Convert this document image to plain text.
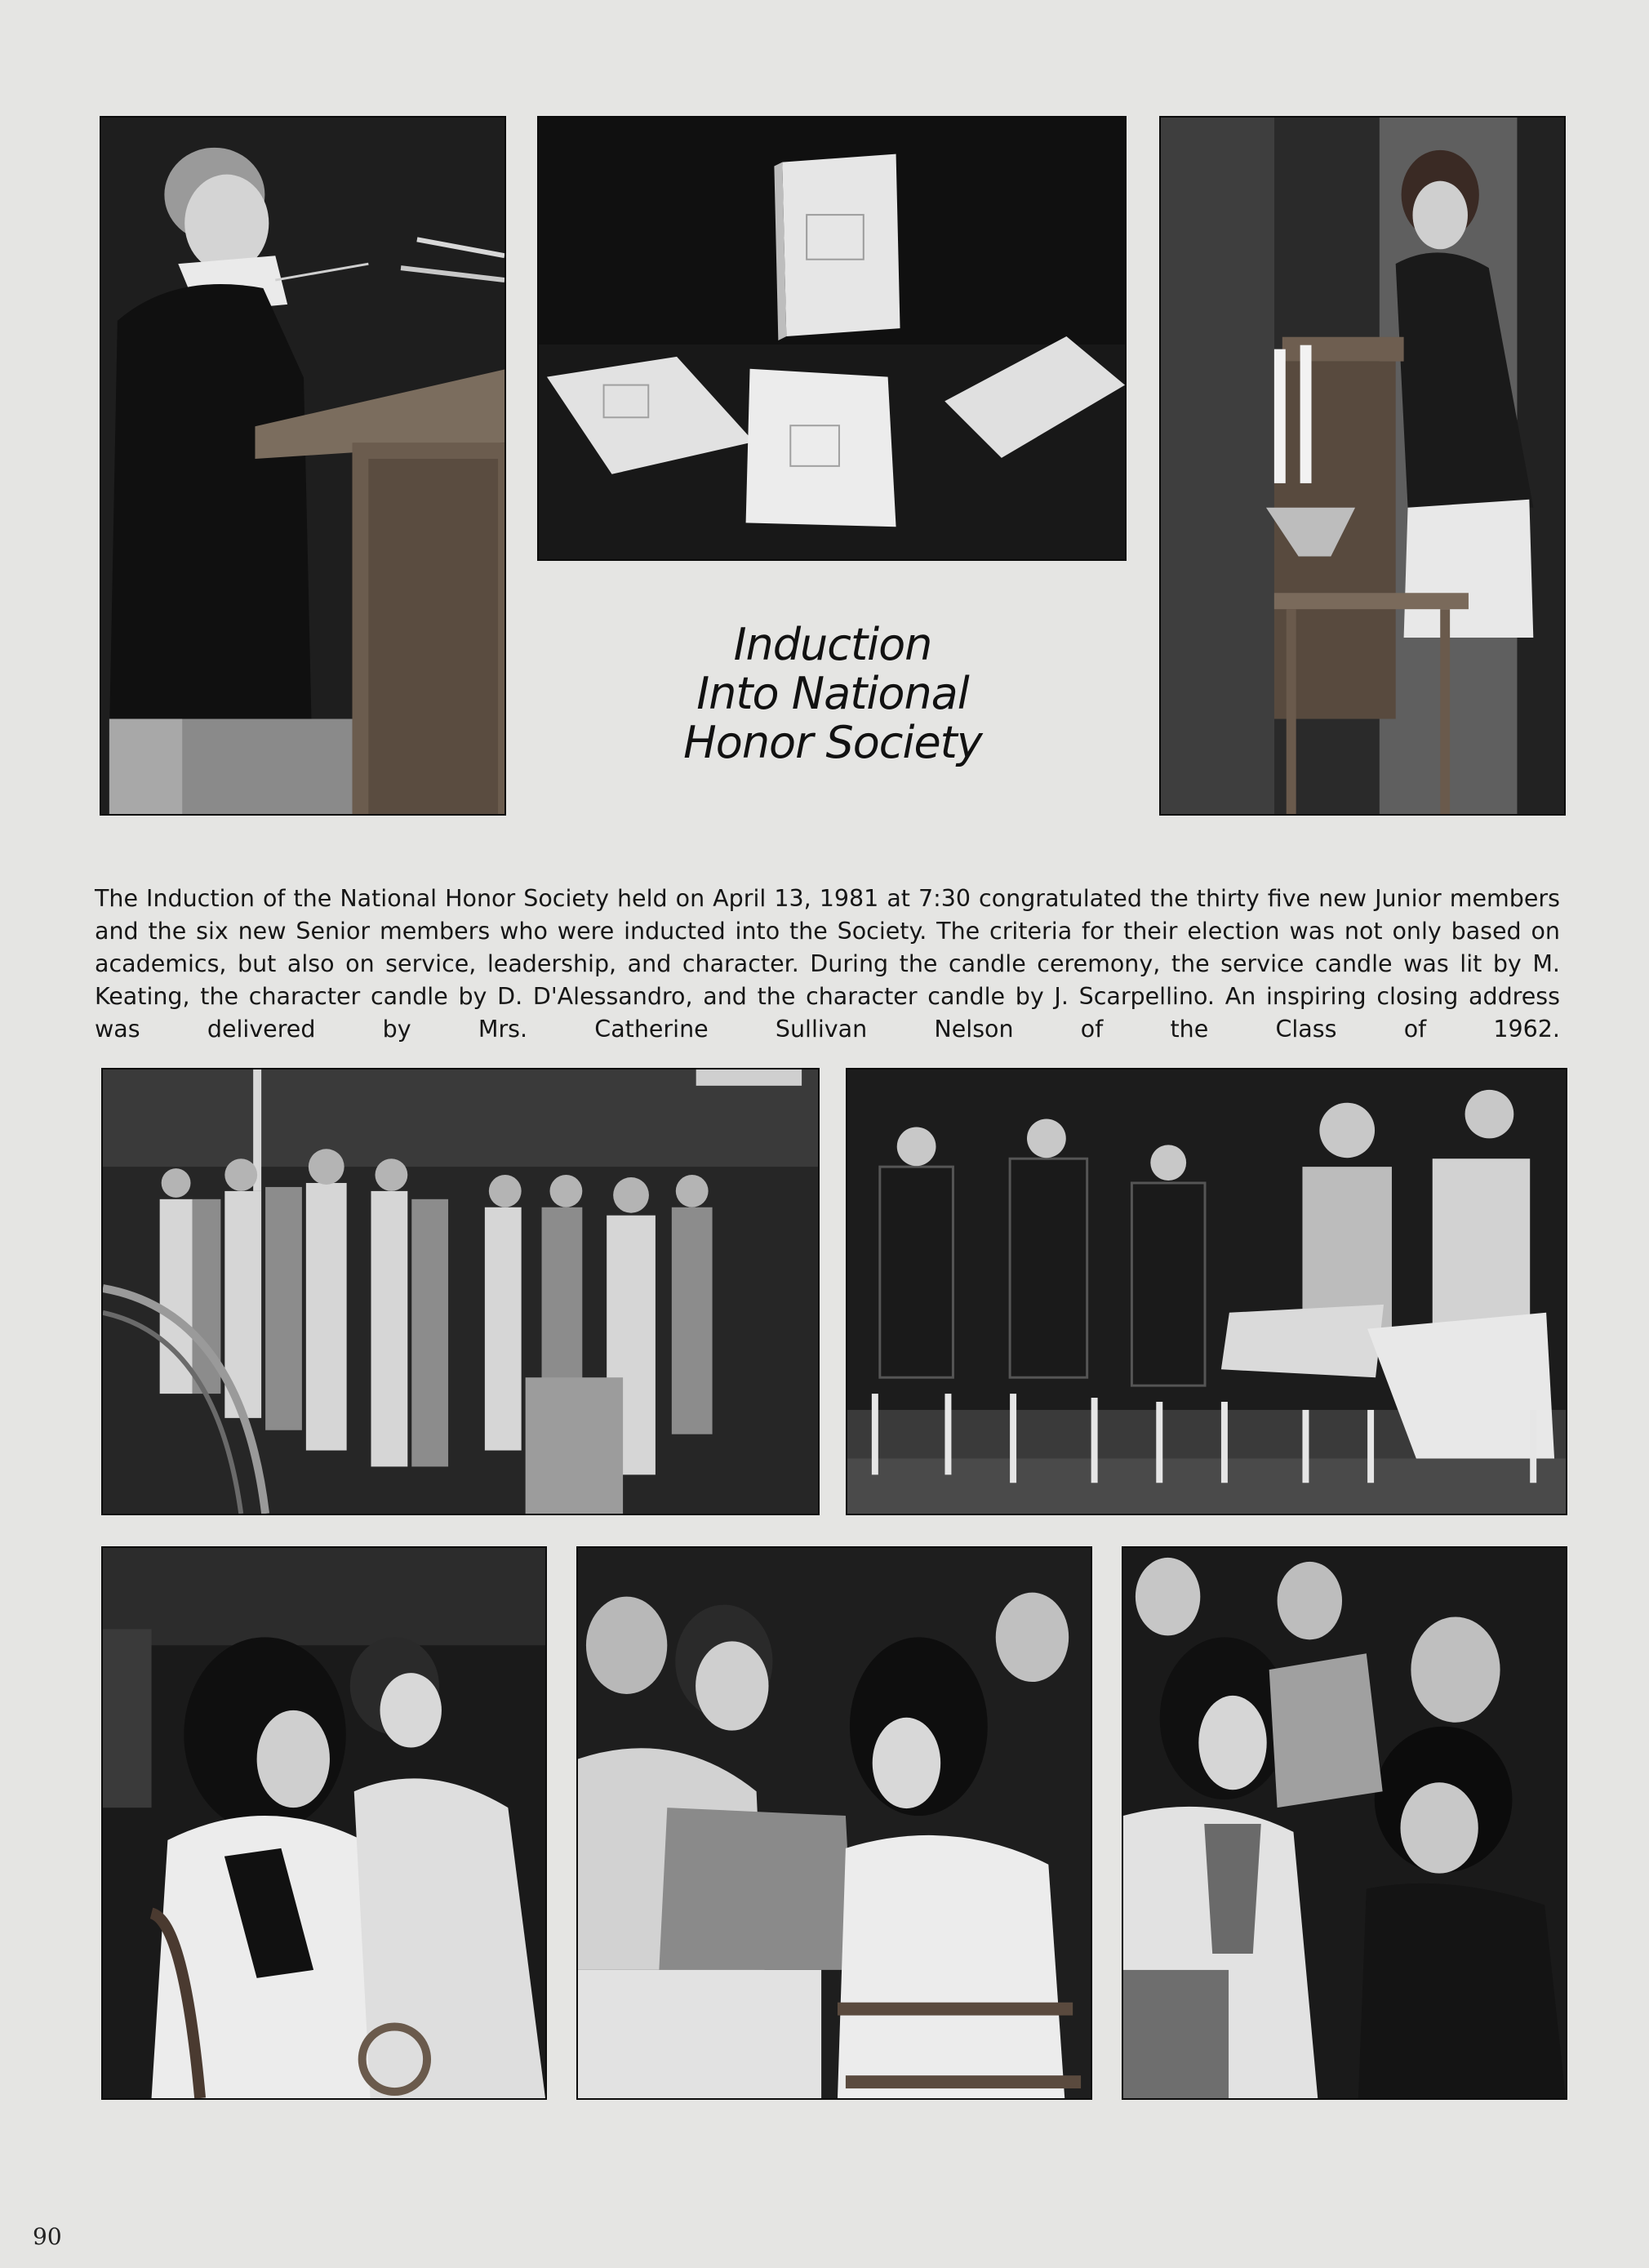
Induction
Into National
Honor Society

The Induction of the National Honor Society held on April 13, 1981 at 7:30 congratulated the thirty five new Junior members and the six new Senior members who were inducted into the Society. The criteria for their election was not only based on academics, but also on service, leadership, and character. During the candle ceremony, the service candle was lit by M. Keating, the character candle by D. D'Alessandro, and the character candle by J. Scarpellino. An inspiring closing address was delivered by Mrs. Catherine Sullivan Nelson of the Class of 1962.

90
